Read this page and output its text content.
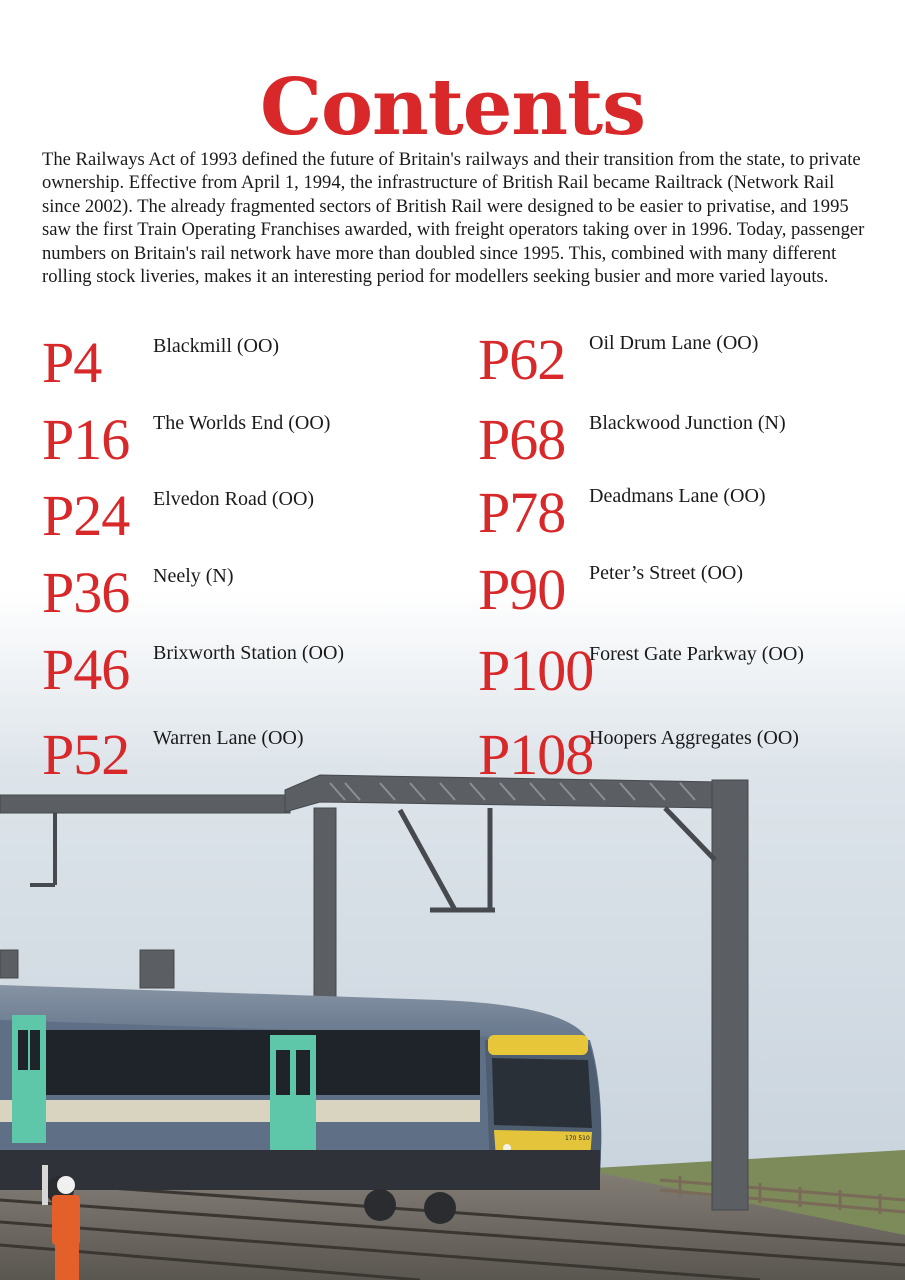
170 510
Contents

The Railways Act of 1993 defined the future of Britain's railways and their transition from the state, to private ownership. Effective from April 1, 1994, the infrastructure of British Rail became Railtrack (Network Rail since 2002). The already fragmented sectors of British Rail were designed to be easier to privatise, and 1995 saw the first Train Operating Franchises awarded, with freight operators taking over in 1996. Today, passenger numbers on Britain's rail network have more than doubled since 1995. This, combined with many different rolling stock liveries, makes it an interesting period for modellers seeking busier and more varied layouts.

P4	Blackmill (OO)
P16 The Worlds End (OO)
P24 Elvedon Road (OO)
P36 Neely (N)
P46 Brixworth Station (OO)
P52 Warren Lane (OO)
P62 Oil Drum Lane (OO)
P68 Blackwood Junction (N)
P78 Deadmans Lane (OO)
P90 Peter’s Street (OO)
P100
Forest Gate Parkway (OO)
P108
Hoopers Aggregates (OO)
